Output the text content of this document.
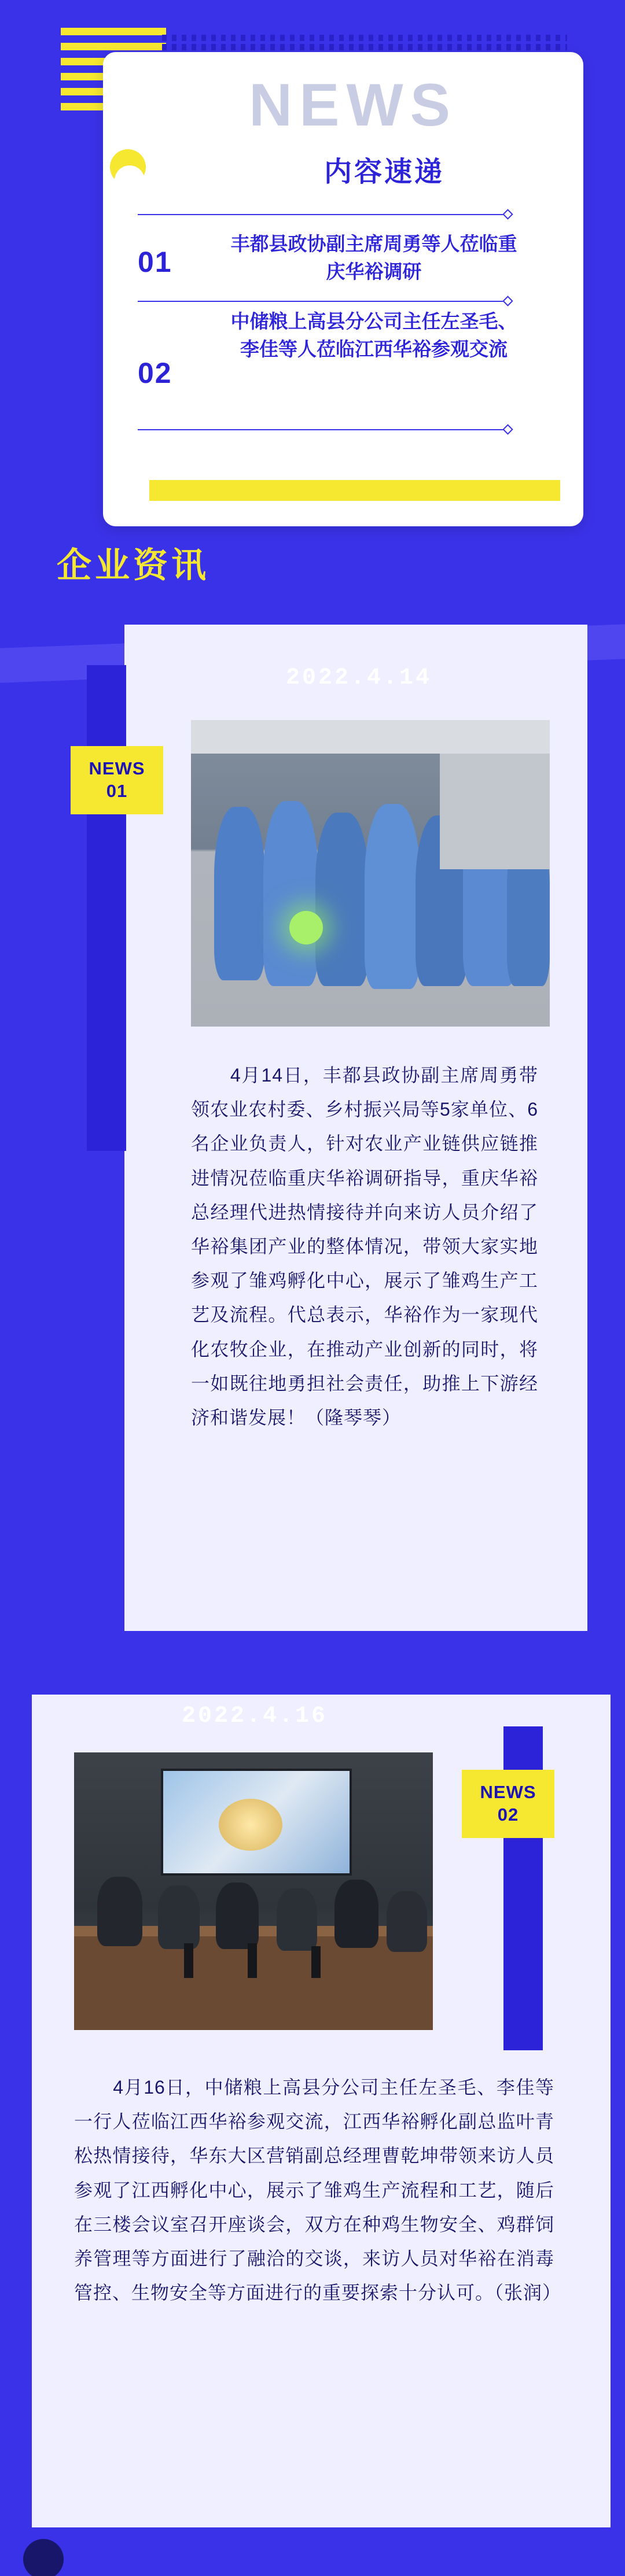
NEWS
内容速递
01
丰都县政协副主席周勇等人莅临重庆华裕调研
02
中储粮上高县分公司主任左圣毛、李佳等人莅临江西华裕参观交流
企业资讯
2022.4.14
NEWS
01
　　4月14日，丰都县政协副主席周勇带领农业农村委、乡村振兴局等5家单位、6名企业负责人，针对农业产业链供应链推进情况莅临重庆华裕调研指导，重庆华裕总经理代进热情接待并向来访人员介绍了华裕集团产业的整体情况，带领大家实地参观了雏鸡孵化中心，展示了雏鸡生产工艺及流程。代总表示，华裕作为一家现代化农牧企业，在推动产业创新的同时，将一如既往地勇担社会责任，助推上下游经济和谐发展！（隆琴琴）
2022.4.16
NEWS
02
　　4月16日，中储粮上高县分公司主任左圣毛、李佳等一行人莅临江西华裕参观交流，江西华裕孵化副总监叶青松热情接待，华东大区营销副总经理曹乾坤带领来访人员参观了江西孵化中心，展示了雏鸡生产流程和工艺，随后在三楼会议室召开座谈会，双方在种鸡生物安全、鸡群饲养管理等方面进行了融洽的交谈，来访人员对华裕在消毒管控、生物安全等方面进行的重要探索十分认可。（张润）
